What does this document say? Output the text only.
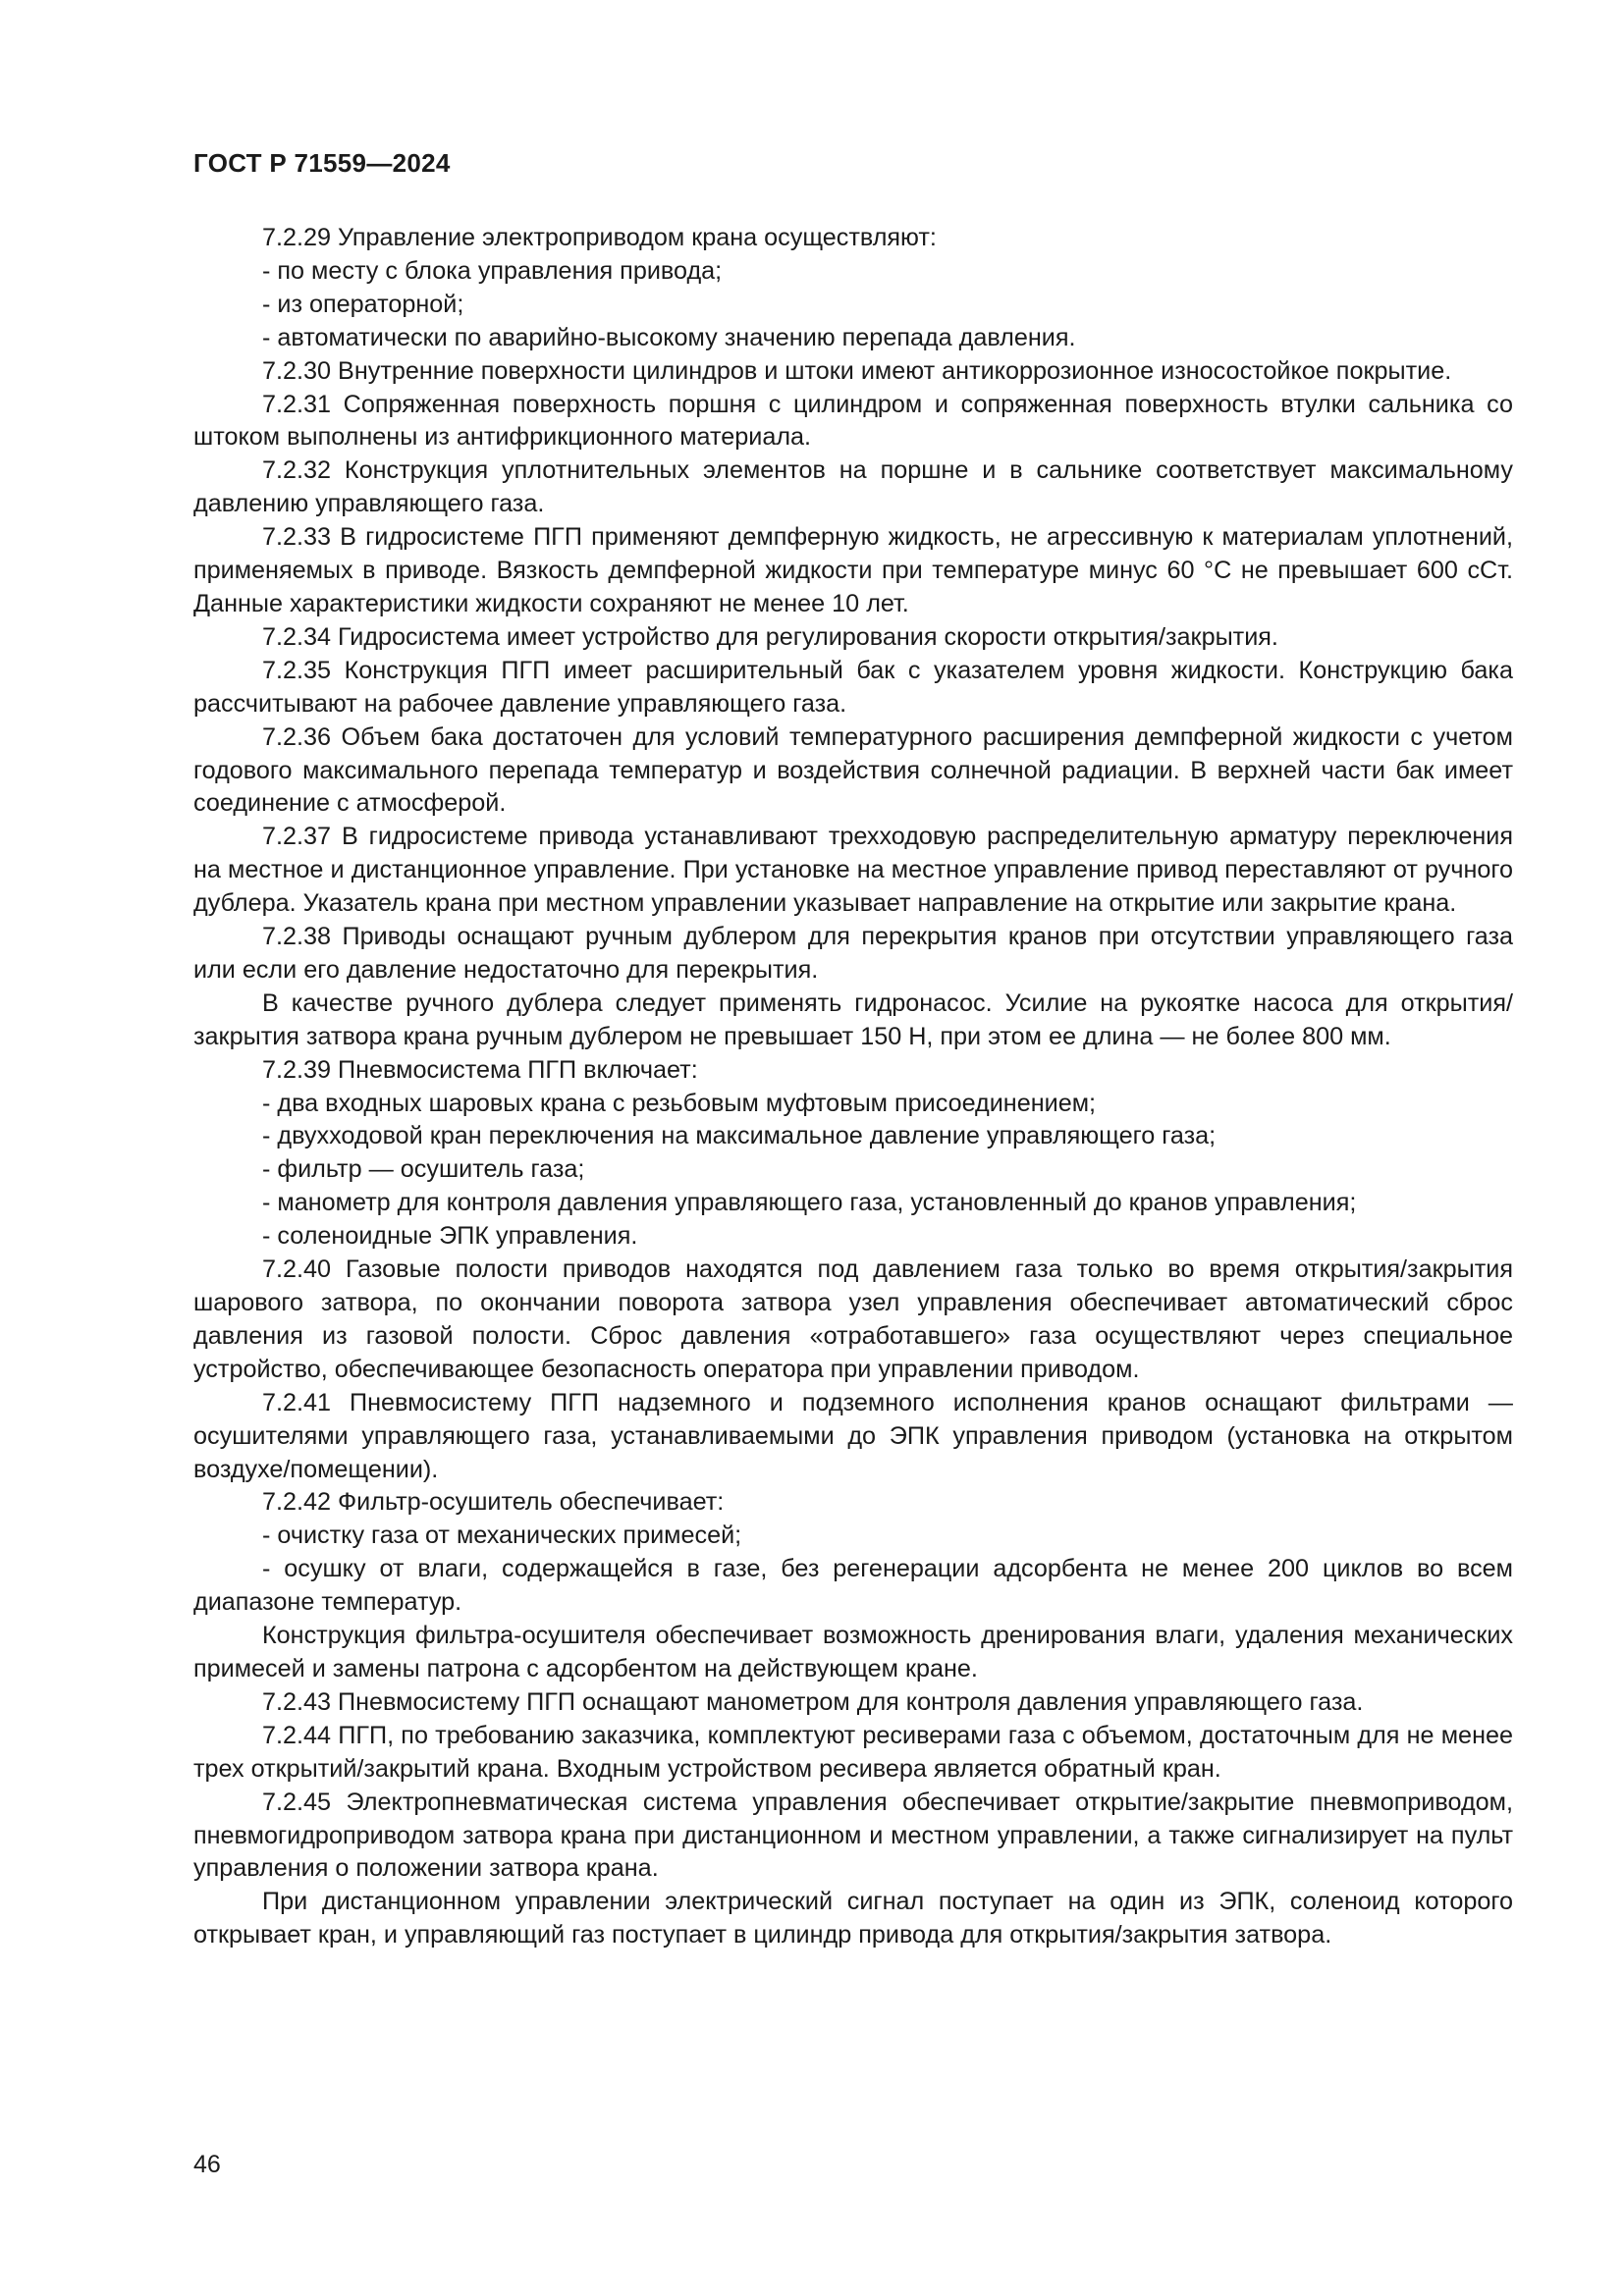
ГОСТ Р 71559—2024

7.2.29 Управление электроприводом крана осуществляют:

- по месту с блока управления привода;

- из операторной;

- автоматически по аварийно-высокому значению перепада давления.

7.2.30 Внутренние поверхности цилиндров и штоки имеют антикоррозионное износостойкое покрытие.

7.2.31 Сопряженная поверхность поршня с цилиндром и сопряженная поверхность втулки сальника со штоком выполнены из антифрикционного материала.

7.2.32 Конструкция уплотнительных элементов на поршне и в сальнике соответствует максимальному давлению управляющего газа.

7.2.33 В гидросистеме ПГП применяют демпферную жидкость, не агрессивную к материалам уплотнений, применяемых в приводе. Вязкость демпферной жидкости при температуре минус 60 °С не превышает 600 сСт. Данные характеристики жидкости сохраняют не менее 10 лет.

7.2.34 Гидросистема имеет устройство для регулирования скорости открытия/закрытия.

7.2.35 Конструкция ПГП имеет расширительный бак с указателем уровня жидкости. Конструкцию бака рассчитывают на рабочее давление управляющего газа.

7.2.36 Объем бака достаточен для условий температурного расширения демпферной жидкости с учетом годового максимального перепада температур и воздействия солнечной радиации. В верхней части бак имеет соединение с атмосферой.

7.2.37 В гидросистеме привода устанавливают трехходовую распределительную арматуру переключения на местное и дистанционное управление. При установке на местное управление привод переставляют от ручного дублера. Указатель крана при местном управлении указывает направление на открытие или закрытие крана.

7.2.38 Приводы оснащают ручным дублером для перекрытия кранов при отсутствии управляющего газа или если его давление недостаточно для перекрытия.

В качестве ручного дублера следует применять гидронасос. Усилие на рукоятке насоса для открытия/закрытия затвора крана ручным дублером не превышает 150 Н, при этом ее длина — не более 800 мм.

7.2.39 Пневмосистема ПГП включает:

- два входных шаровых крана с резьбовым муфтовым присоединением;

- двухходовой кран переключения на максимальное давление управляющего газа;

- фильтр — осушитель газа;

- манометр для контроля давления управляющего газа, установленный до кранов управления;

- соленоидные ЭПК управления.

7.2.40 Газовые полости приводов находятся под давлением газа только во время открытия/закрытия шарового затвора, по окончании поворота затвора узел управления обеспечивает автоматический сброс давления из газовой полости. Сброс давления «отработавшего» газа осуществляют через специальное устройство, обеспечивающее безопасность оператора при управлении приводом.

7.2.41 Пневмосистему ПГП надземного и подземного исполнения кранов оснащают фильтрами — осушителями управляющего газа, устанавливаемыми до ЭПК управления приводом (установка на открытом воздухе/помещении).

7.2.42 Фильтр-осушитель обеспечивает:

- очистку газа от механических примесей;

- осушку от влаги, содержащейся в газе, без регенерации адсорбента не менее 200 циклов во всем диапазоне температур.

Конструкция фильтра-осушителя обеспечивает возможность дренирования влаги, удаления механических примесей и замены патрона с адсорбентом на действующем кране.

7.2.43 Пневмосистему ПГП оснащают манометром для контроля давления управляющего газа.

7.2.44 ПГП, по требованию заказчика, комплектуют ресиверами газа с объемом, достаточным для не менее трех открытий/закрытий крана. Входным устройством ресивера является обратный кран.

7.2.45 Электропневматическая система управления обеспечивает открытие/закрытие пневмоприводом, пневмогидроприводом затвора крана при дистанционном и местном управлении, а также сигнализирует на пульт управления о положении затвора крана.

При дистанционном управлении электрический сигнал поступает на один из ЭПК, соленоид которого открывает кран, и управляющий газ поступает в цилиндр привода для открытия/закрытия затвора.

46
